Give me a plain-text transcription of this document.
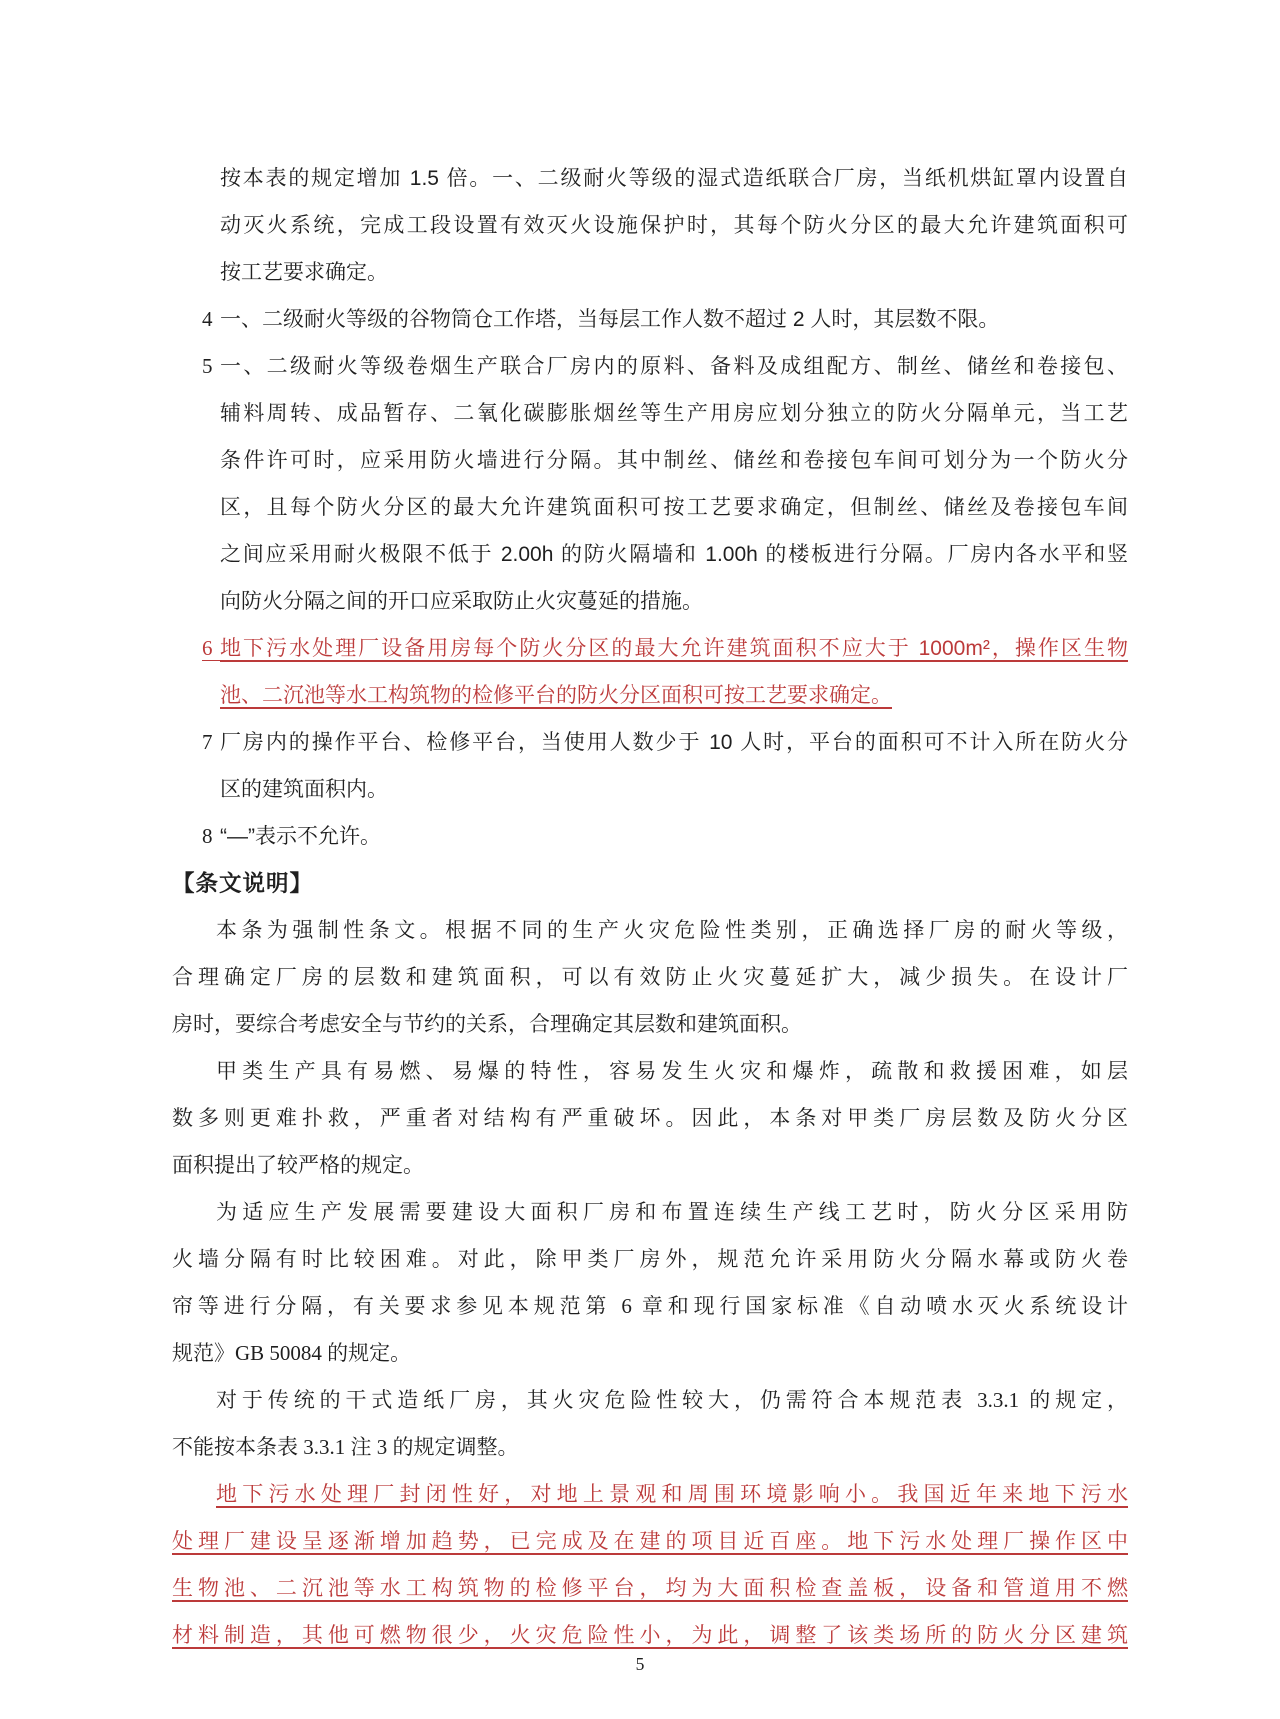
按本表的规定增加 1.5 倍。一、二级耐火等级的湿式造纸联合厂房，当纸机烘缸罩内设置自
动灭火系统，完成工段设置有效灭火设施保护时，其每个防火分区的最大允许建筑面积可
按工艺要求确定。
4 一、二级耐火等级的谷物筒仓工作塔，当每层工作人数不超过 2 人时，其层数不限。
5 一、二级耐火等级卷烟生产联合厂房内的原料、备料及成组配方、制丝、储丝和卷接包、
辅料周转、成品暂存、二氧化碳膨胀烟丝等生产用房应划分独立的防火分隔单元，当工艺
条件许可时，应采用防火墙进行分隔。其中制丝、储丝和卷接包车间可划分为一个防火分
区，且每个防火分区的最大允许建筑面积可按工艺要求确定，但制丝、储丝及卷接包车间
之间应采用耐火极限不低于 2.00h 的防火隔墙和 1.00h 的楼板进行分隔。厂房内各水平和竖
向防火分隔之间的开口应采取防止火灾蔓延的措施。
6 地下污水处理厂设备用房每个防火分区的最大允许建筑面积不应大于 1000m²，操作区生物
池、二沉池等水工构筑物的检修平台的防火分区面积可按工艺要求确定。
7 厂房内的操作平台、检修平台，当使用人数少于 10 人时，平台的面积可不计入所在防火分
区的建筑面积内。
8 “—”表示不允许。
【条文说明】
本条为强制性条文。根据不同的生产火灾危险性类别，正确选择厂房的耐火等级，
合理确定厂房的层数和建筑面积，可以有效防止火灾蔓延扩大，减少损失。在设计厂
房时，要综合考虑安全与节约的关系，合理确定其层数和建筑面积。
甲类生产具有易燃、易爆的特性，容易发生火灾和爆炸，疏散和救援困难，如层
数多则更难扑救，严重者对结构有严重破坏。因此，本条对甲类厂房层数及防火分区
面积提出了较严格的规定。
为适应生产发展需要建设大面积厂房和布置连续生产线工艺时，防火分区采用防
火墙分隔有时比较困难。对此，除甲类厂房外，规范允许采用防火分隔水幕或防火卷
帘等进行分隔，有关要求参见本规范第 6 章和现行国家标准《自动喷水灭火系统设计
规范》GB 50084 的规定。
对于传统的干式造纸厂房，其火灾危险性较大，仍需符合本规范表 3.3.1 的规定，
不能按本条表 3.3.1 注 3 的规定调整。
地下污水处理厂封闭性好，对地上景观和周围环境影响小。我国近年来地下污水
处理厂建设呈逐渐增加趋势，已完成及在建的项目近百座。地下污水处理厂操作区中
生物池、二沉池等水工构筑物的检修平台，均为大面积检查盖板，设备和管道用不燃
材料制造，其他可燃物很少，火灾危险性小，为此，调整了该类场所的防火分区建筑
5
